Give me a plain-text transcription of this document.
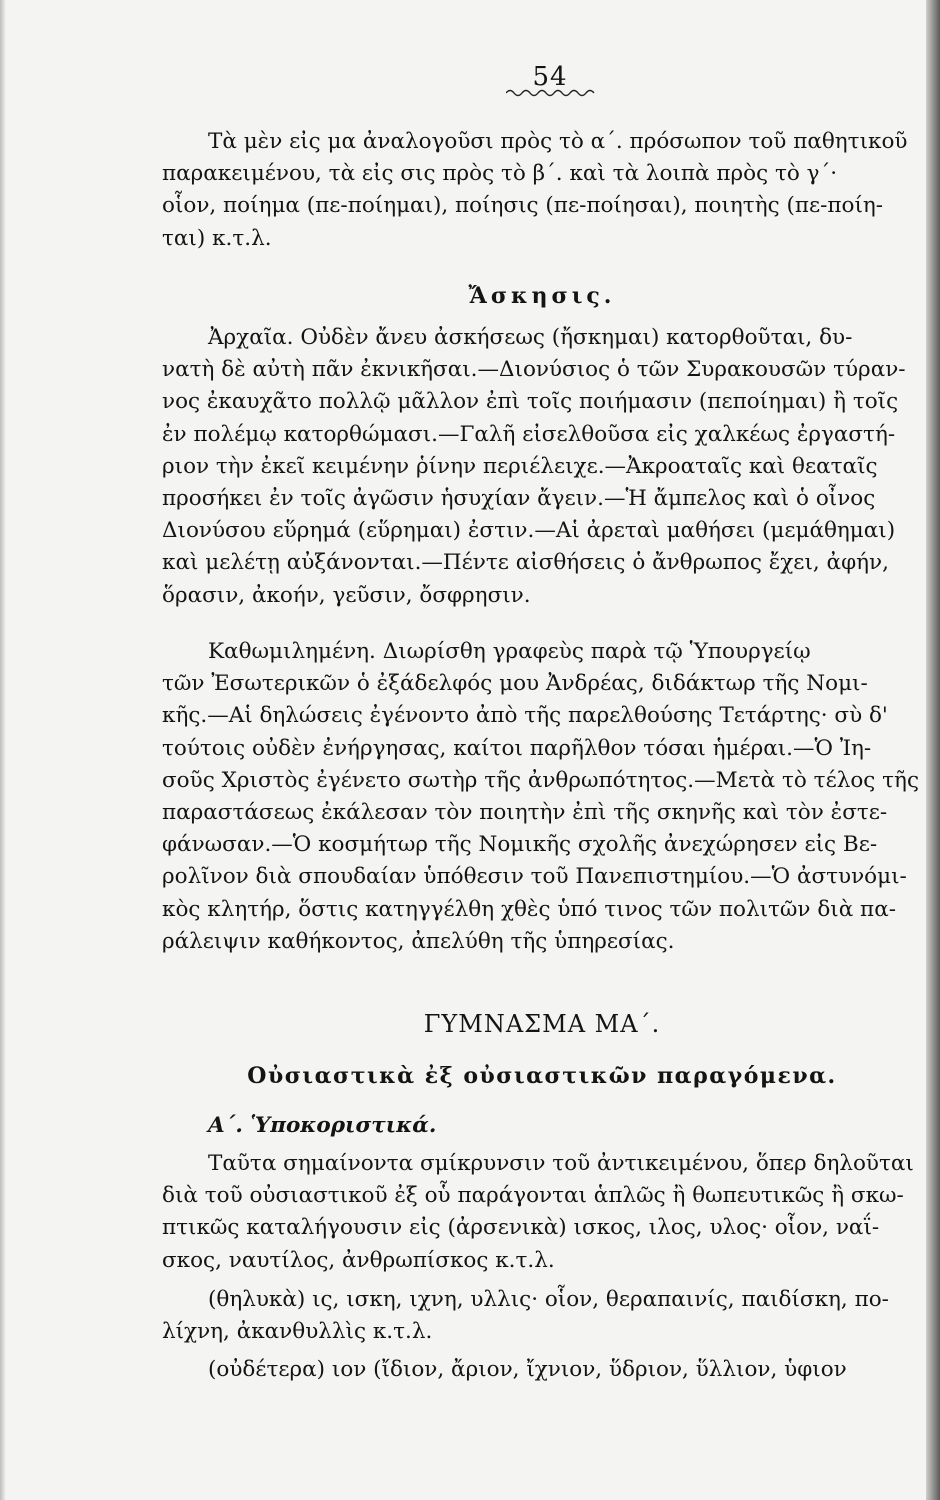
54
Τὰ μὲν εἰς μα ἀναλογοῦσι πρὸς τὸ α΄. πρόσωπον τοῦ παθητικοῦ
παρακειμένου, τὰ εἰς σις πρὸς τὸ β΄. καὶ τὰ λοιπὰ πρὸς τὸ γ΄·
οἷον, ποίημα (πε-ποίημαι), ποίησις (πε-ποίησαι), ποιητὴς (πε-ποίη-
ται) κ.τ.λ.
Ἄσκησις.
Ἀρχαῖα. Οὐδὲν ἄνευ ἀσκήσεως (ἤσκημαι) κατορθοῦται, δυ-
νατὴ δὲ αὐτὴ πᾶν ἐκνικῆσαι.—Διονύσιος ὁ τῶν Συρακουσῶν τύραν-
νος ἐκαυχᾶτο πολλῷ μᾶλλον ἐπὶ τοῖς ποιήμασιν (πεποίημαι) ἢ τοῖς
ἐν πολέμῳ κατορθώμασι.—Γαλῆ εἰσελθοῦσα εἰς χαλκέως ἐργαστή-
ριον τὴν ἐκεῖ κειμένην ῥίνην περιέλειχε.—Ἀκροαταῖς καὶ θεαταῖς
προσήκει ἐν τοῖς ἀγῶσιν ἡσυχίαν ἄγειν.—Ἡ ἄμπελος καὶ ὁ οἶνος
Διονύσου εὕρημά (εὕρημαι) ἐστιν.—Αἱ ἀρεταὶ μαθήσει (μεμάθημαι)
καὶ μελέτῃ αὐξάνονται.—Πέντε αἰσθήσεις ὁ ἄνθρωπος ἔχει, ἀφήν,
ὅρασιν, ἀκοήν, γεῦσιν, ὄσφρησιν.
Καθωμιλημένη. Διωρίσθη γραφεὺς παρὰ τῷ Ὑπουργείῳ
τῶν Ἐσωτερικῶν ὁ ἐξάδελφός μου Ἀνδρέας, διδάκτωρ τῆς Νομι-
κῆς.—Αἱ δηλώσεις ἐγένοντο ἀπὸ τῆς παρελθούσης Τετάρτης· σὺ δ'
τούτοις οὐδὲν ἐνήργησας, καίτοι παρῆλθον τόσαι ἡμέραι.—Ὁ Ἰη-
σοῦς Χριστὸς ἐγένετο σωτὴρ τῆς ἀνθρωπότητος.—Μετὰ τὸ τέλος τῆς
παραστάσεως ἐκάλεσαν τὸν ποιητὴν ἐπὶ τῆς σκηνῆς καὶ τὸν ἐστε-
φάνωσαν.—Ὁ κοσμήτωρ τῆς Νομικῆς σχολῆς ἀνεχώρησεν εἰς Βε-
ρολῖνον διὰ σπουδαίαν ὑπόθεσιν τοῦ Πανεπιστημίου.—Ὁ ἀστυνόμι-
κὸς κλητήρ, ὅστις κατηγγέλθη χθὲς ὑπό τινος τῶν πολιτῶν διὰ πα-
ράλειψιν καθήκοντος, ἀπελύθη τῆς ὑπηρεσίας.
ΓΥΜΝΑΣΜΑ ΜΑ΄.
Οὐσιαστικὰ ἐξ οὐσιαστικῶν παραγόμενα.
Α΄. Ὑποκοριστικά.
Ταῦτα σημαίνοντα σμίκρυνσιν τοῦ ἀντικειμένου, ὅπερ δηλοῦται
διὰ τοῦ οὐσιαστικοῦ ἐξ οὗ παράγονται ἁπλῶς ἢ θωπευτικῶς ἢ σκω-
πτικῶς καταλήγουσιν εἰς (ἀρσενικὰ) ισκος, ιλος, υλος· οἷον, ναΐ-
σκος, ναυτίλος, ἀνθρωπίσκος κ.τ.λ.
(θηλυκὰ) ις, ισκη, ιχνη, υλλις· οἷον, θεραπαινίς, παιδίσκη, πο-
λίχνη, ἀκανθυλλὶς κ.τ.λ.
(οὐδέτερα) ιον (ἴδιον, ἄριον, ἴχνιον, ὕδριον, ὕλλιον, ὑφιον
